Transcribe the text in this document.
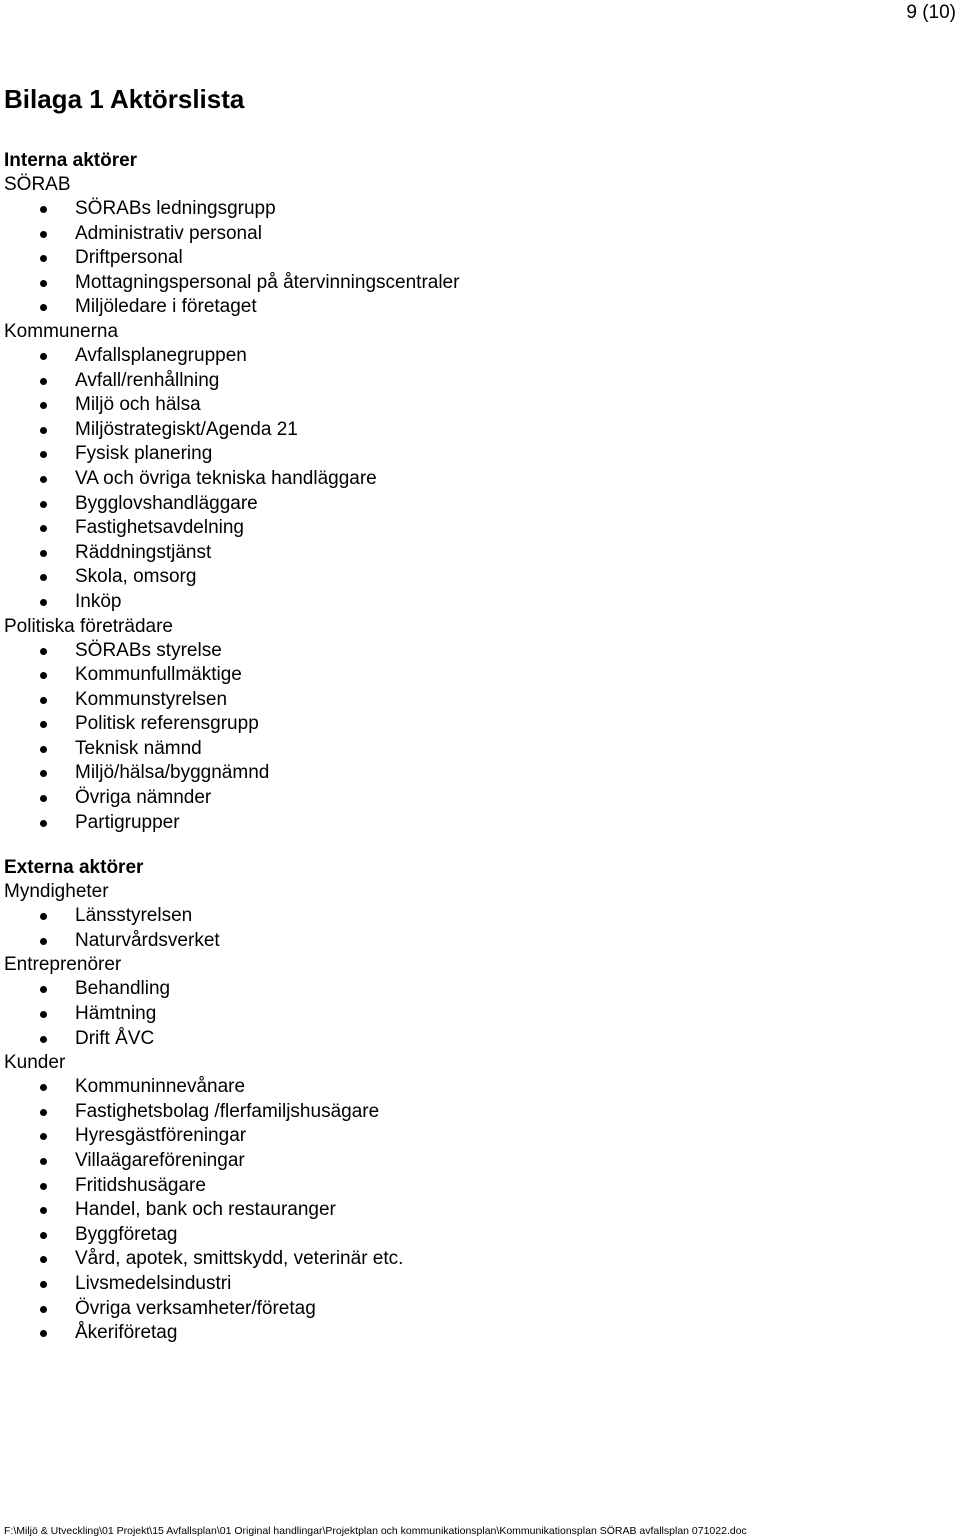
9 (10)
Bilaga 1 Aktörslista
Interna aktörer
SÖRAB
SÖRABs ledningsgrupp
Administrativ personal
Driftpersonal
Mottagningspersonal på återvinningscentraler
Miljöledare i företaget
Kommunerna
Avfallsplanegruppen
Avfall/renhållning
Miljö och hälsa
Miljöstrategiskt/Agenda 21
Fysisk planering
VA och övriga tekniska handläggare
Bygglovshandläggare
Fastighetsavdelning
Räddningstjänst
Skola, omsorg
Inköp
Politiska företrädare
SÖRABs styrelse
Kommunfullmäktige
Kommunstyrelsen
Politisk referensgrupp
Teknisk nämnd
Miljö/hälsa/byggnämnd
Övriga nämnder
Partigrupper
Externa aktörer
Myndigheter
Länsstyrelsen
Naturvårdsverket
Entreprenörer
Behandling
Hämtning
Drift ÅVC
Kunder
Kommuninnevånare
Fastighetsbolag /flerfamiljshusägare
Hyresgästföreningar
Villaägareföreningar
Fritidshusägare
Handel, bank och restauranger
Byggföretag
Vård, apotek, smittskydd, veterinär etc.
Livsmedelsindustri
Övriga verksamheter/företag
Åkeriföretag
F:\Miljö & Utveckling\01 Projekt\15 Avfallsplan\01 Original handlingar\Projektplan och kommunikationsplan\Kommunikationsplan SÖRAB avfallsplan 071022.doc
